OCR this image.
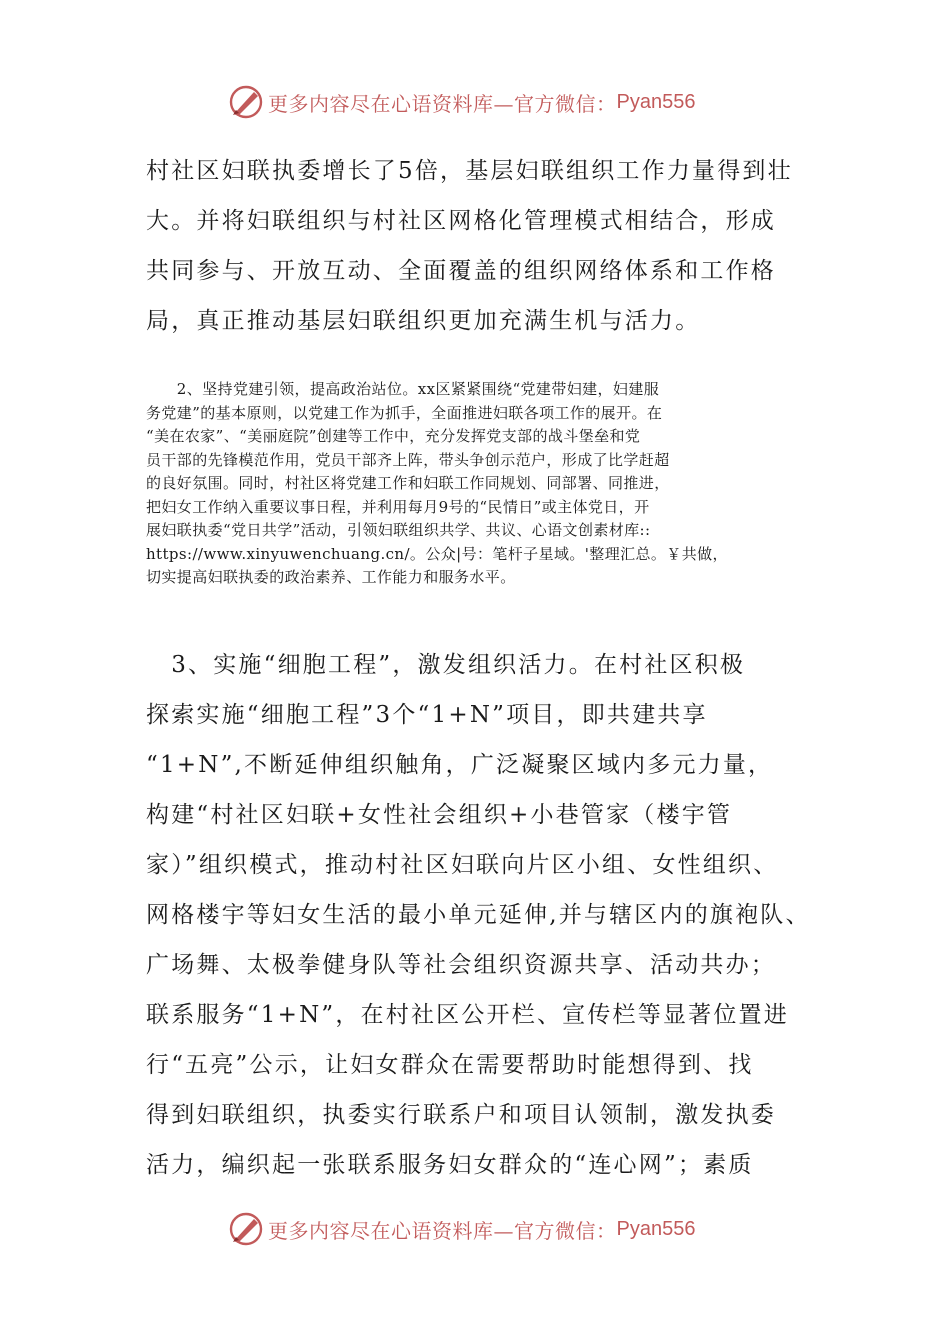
更多内容尽在心语资料库—官方微信： Pyan556
村社区妇联执委增长了5倍，基层妇联组织工作力量得到壮
大。并将妇联组织与村社区网格化管理模式相结合，形成
共同参与、开放互动、全面覆盖的组织网络体系和工作格
局，真正推动基层妇联组织更加充满生机与活力。
　　2、坚持党建引领，提高政治站位。xx区紧紧围绕“党建带妇建，妇建服
务党建”的基本原则，以党建工作为抓手，全面推进妇联各项工作的展开。在
“美在农家”、“美丽庭院”创建等工作中，充分发挥党支部的战斗堡垒和党
员干部的先锋模范作用，党员干部齐上阵，带头争创示范户，形成了比学赶超
的良好氛围。同时，村社区将党建工作和妇联工作同规划、同部署、同推进，
把妇女工作纳入重要议事日程，并利用每月9号的“民情日”或主体党日，开
展妇联执委“党日共学”活动，引领妇联组织共学、共议、心语文创素材库::
https://www.xinyuwenchuang.cn/。公众|号：笔杆子星域。'整理汇总。￥共做，
切实提高妇联执委的政治素养、工作能力和服务水平。
　3、实施“细胞工程”，激发组织活力。在村社区积极
探索实施“细胞工程”3个“1+N”项目，即共建共享
“1+N”,不断延伸组织触角，广泛凝聚区域内多元力量，
构建“村社区妇联+女性社会组织+小巷管家（楼宇管
家）”组织模式，推动村社区妇联向片区小组、女性组织、
网格楼宇等妇女生活的最小单元延伸,并与辖区内的旗袍队、
广场舞、太极拳健身队等社会组织资源共享、活动共办；
联系服务“1+N”，在村社区公开栏、宣传栏等显著位置进
行“五亮”公示，让妇女群众在需要帮助时能想得到、找
得到妇联组织，执委实行联系户和项目认领制，激发执委
活力，编织起一张联系服务妇女群众的“连心网”；素质
更多内容尽在心语资料库—官方微信： Pyan556
